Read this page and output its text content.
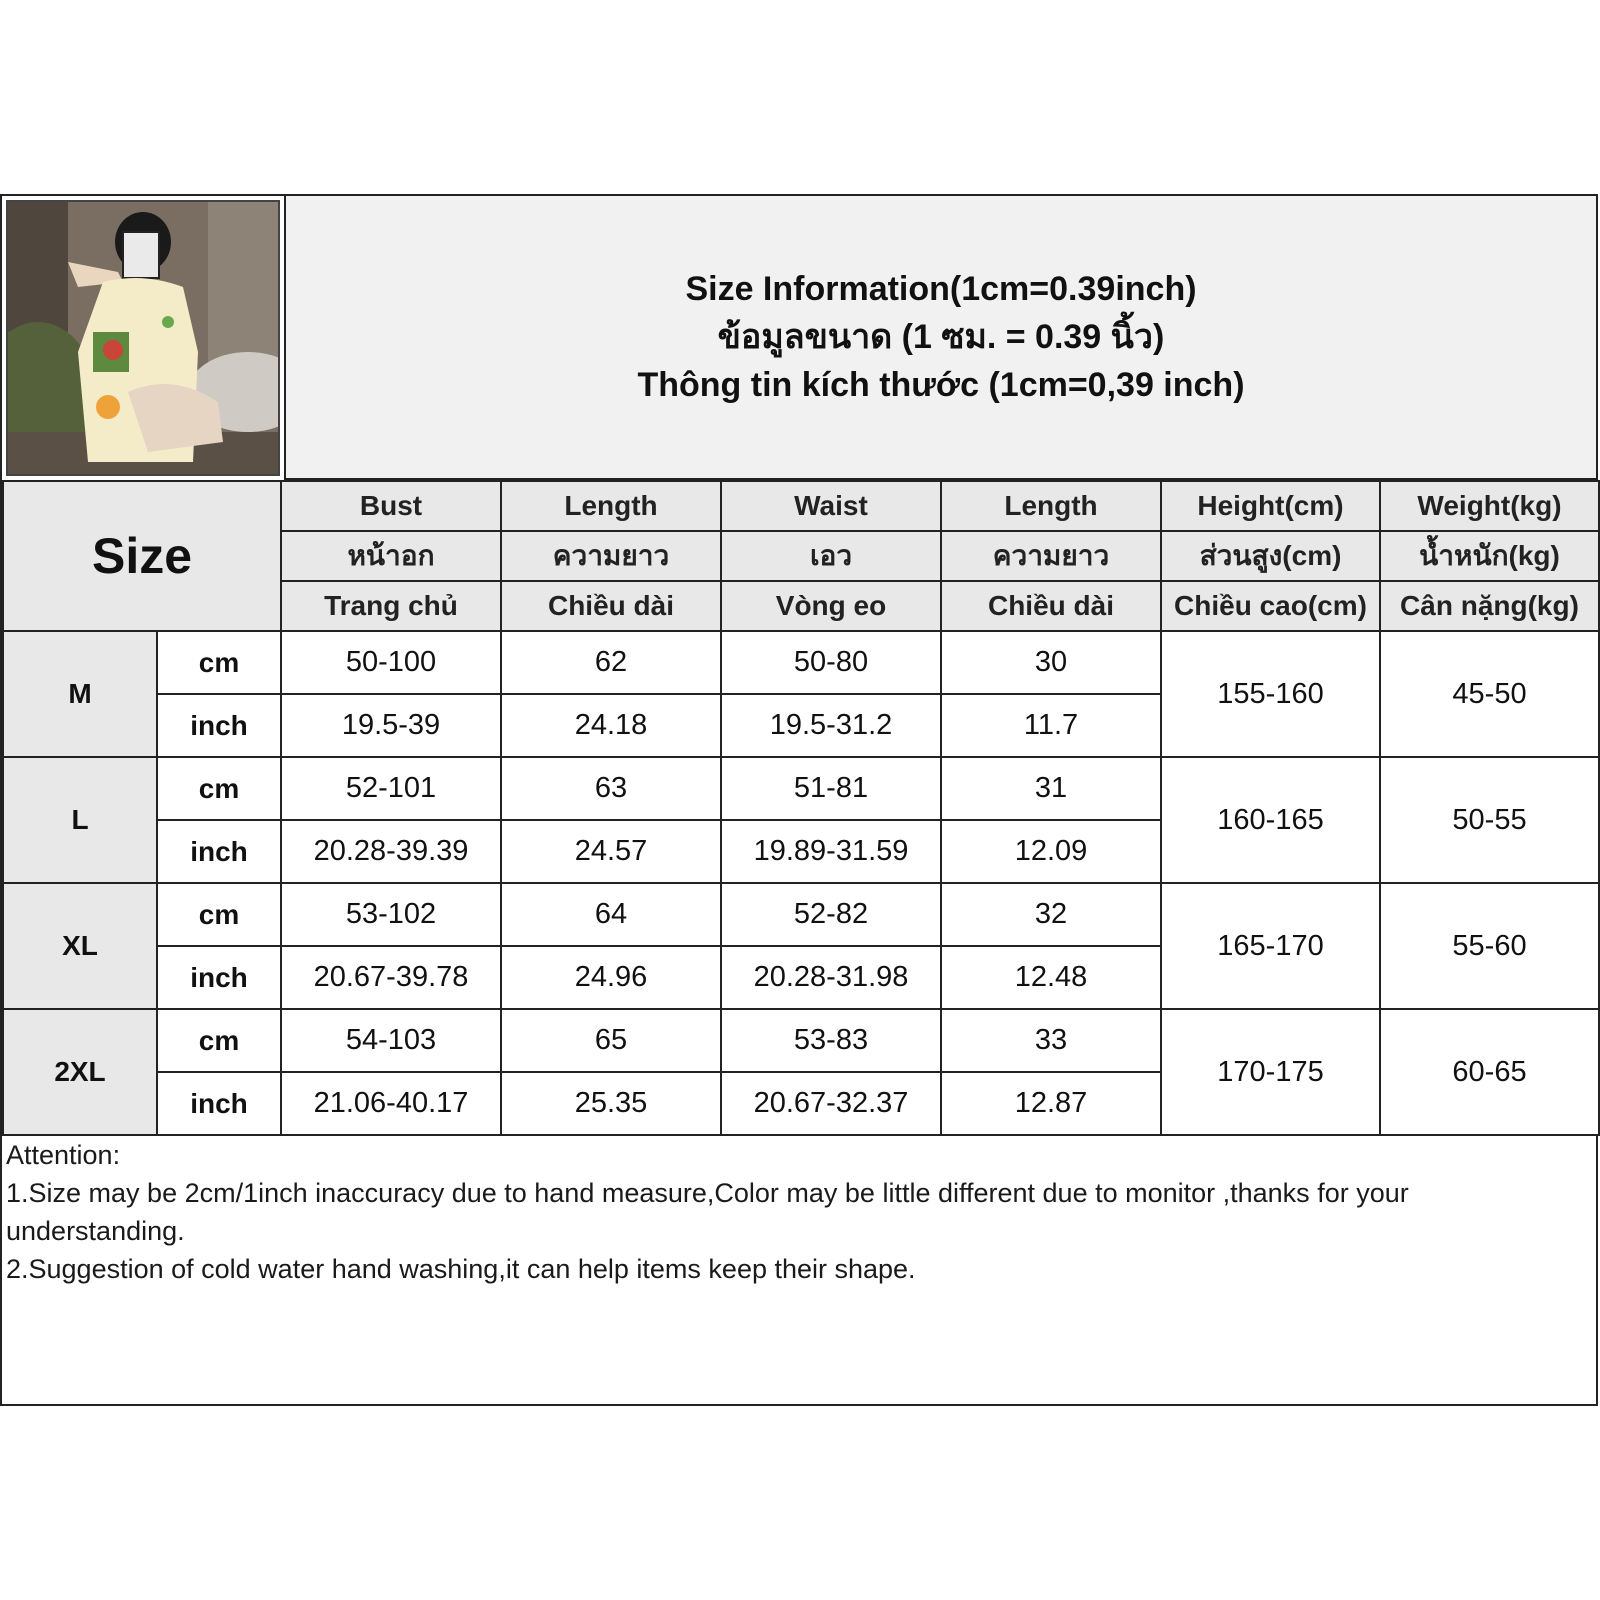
Size Information(1cm=0.39inch)
ข้อมูลขนาด (1 ซม. = 0.39 นิ้ว)
Thông tin kích thước (1cm=0,39 inch)
Size		Bust	Length	Waist	Length	Height(cm)	Weight(kg)
		หน้าอก	ความยาว	เอว	ความยาว	ส่วนสูง(cm)	น้ำหนัก(kg)
		Trang chủ	Chiều dài	Vòng eo	Chiều dài	Chiều cao(cm)	Cân nặng(kg)
M	cm	50-100	62	50-80	30	155-160	45-50
	inch	19.5-39	24.18	19.5-31.2	11.7		
L	cm	52-101	63	51-81	31	160-165	50-55
	inch	20.28-39.39	24.57	19.89-31.59	12.09		
XL	cm	53-102	64	52-82	32	165-170	55-60
	inch	20.67-39.78	24.96	20.28-31.98	12.48		
2XL	cm	54-103	65	53-83	33	170-175	60-65
	inch	21.06-40.17	25.35	20.67-32.37	12.87		
Attention:
1.Size may be 2cm/1inch inaccuracy due to hand measure,Color may be little different due to monitor ,thanks for your understanding.
2.Suggestion of cold water hand washing,it can help items keep their shape.
